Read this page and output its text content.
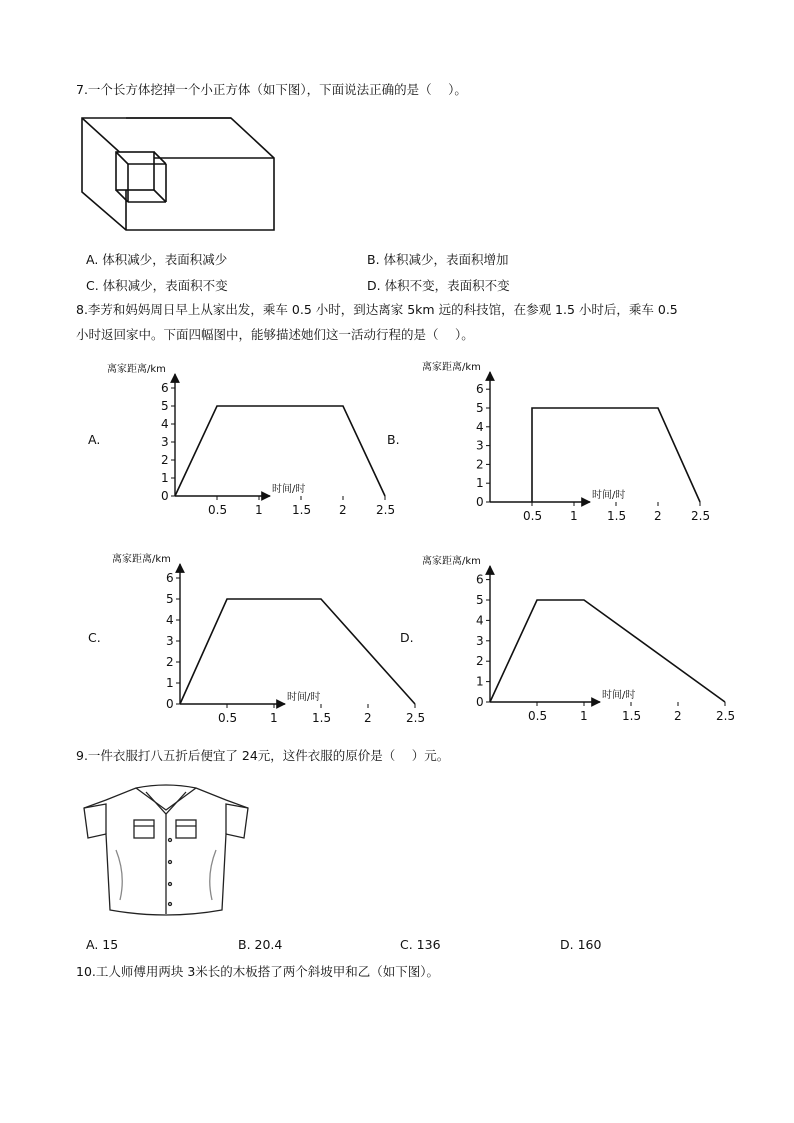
7.一个长方体挖掉一个小正方体（如下图），下面说法正确的是（　 ）。
A. 体积减少，表面积减少	B. 体积减少，表面积增加
C. 体积减少，表面积不变	D. 体积不变，表面积不变
8.李芳和妈妈周日早上从家出发，乘车 0.5 小时，到达离家 5km 远的科技馆，在参观 1.5 小时后，乘车 0.5
小时返回家中。下面四幅图中，能够描述她们这一活动行程的是（　 ）。
A.	B.
C.	D.
离家距离/km
时间/时
0
1
2
3
4
5
6
0.5 1 1.5 2 2.5
离家距离/km
时间/时
0
1
2
3
4
5
6
0.5 1 1.5 2 2.5
离家距离/km
时间/时
0
1
2
3
4
5
6
0.5	1	1.5	2	2.5
离家距离/km
时间/时
0
1
2
3
4
5
6
0.5	1	1.5	2	2.5
9.一件衣服打八五折后便宜了 24元，这件衣服的原价是（　 ）元。
A. 15	B. 20.4	C. 136	D. 160
10.工人师傅用两块 3米长的木板搭了两个斜坡甲和乙（如下图）。
